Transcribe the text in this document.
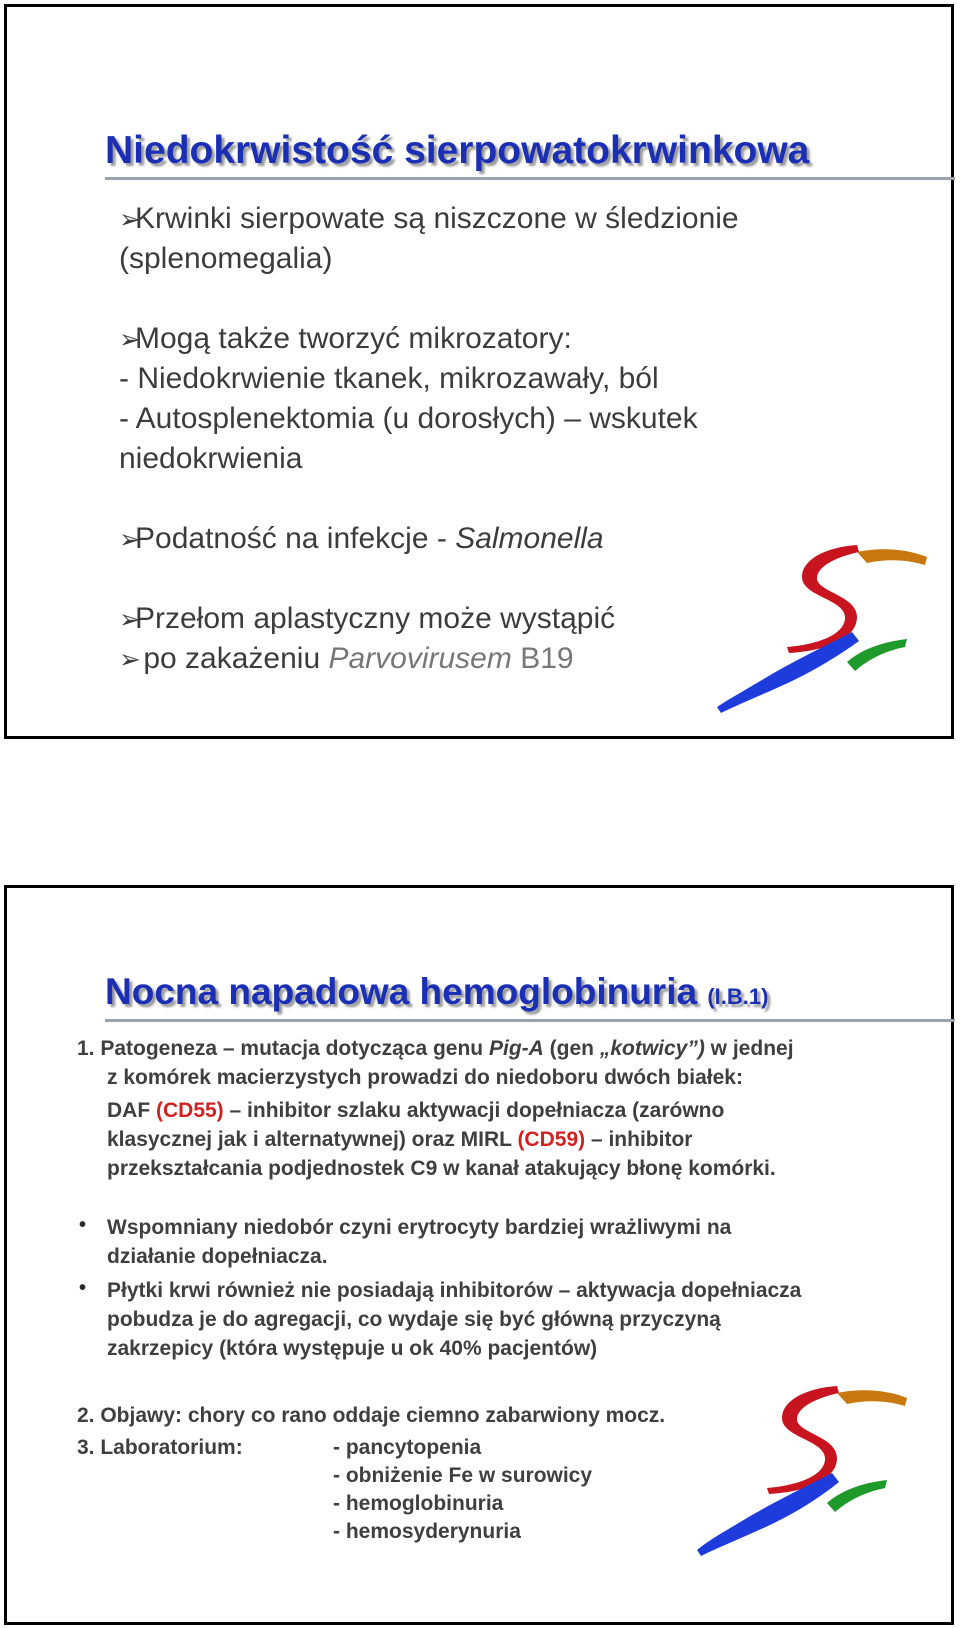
Niedokrwistość sierpowatokrwinkowa
➢Krwinki sierpowate są niszczone w śledzionie
(splenomegalia)
➢Mogą także tworzyć mikrozatory:
- Niedokrwienie tkanek, mikrozawały, ból
- Autosplenektomia (u dorosłych) – wskutek
niedokrwienia
➢Podatność na infekcje - Salmonella
➢Przełom aplastyczny może wystąpić
➢ po zakażeniu Parvovirusem B19
Nocna napadowa hemoglobinuria (I.B.1)
1. Patogeneza – mutacja dotycząca genu Pig-A (gen „kotwicy”) w jednej
z komórek macierzystych prowadzi do niedoboru dwóch białek:
DAF (CD55) – inhibitor szlaku aktywacji dopełniacza (zarówno
klasycznej jak i alternatywnej) oraz MIRL (CD59) – inhibitor
przekształcania podjednostek C9 w kanał atakujący błonę komórki.
• Wspomniany niedobór czyni erytrocyty bardziej wrażliwymi na
działanie dopełniacza.
• Płytki krwi również nie posiadają inhibitorów – aktywacja dopełniacza
pobudza je do agregacji, co wydaje się być główną przyczyną
zakrzepicy (która występuje u ok 40% pacjentów)
2. Objawy: chory co rano oddaje ciemno zabarwiony mocz.
3. Laboratorium:	- pancytopenia
- obniżenie Fe w surowicy
- hemoglobinuria
- hemosyderynuria
